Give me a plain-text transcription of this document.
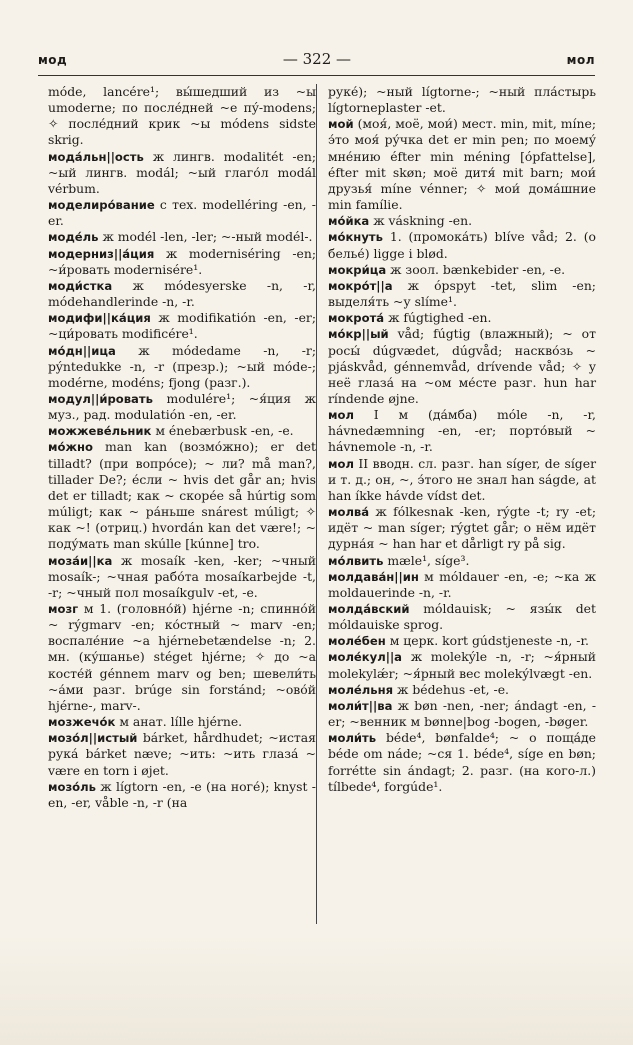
мод	— 322 —	мол

móde, lancére¹; вы́шедший из ~ы umoderne; по после́дней ~е пý-modens; ✧ после́дний крик ~ы módens sidste skrig.

мода́льн||ость ж лингв. modalitét -en; ~ый лингв. modál; ~ый глаго́л modál vérbum.

моделиро́вание с тех. modelléring -en, -er.

моде́ль ж modél -len, -ler; ~-ный modél-.

модерниз||а́ция ж moderniséring -en; ~и́ровать modernisére¹.

моди́стка ж módesyerske -n, -r, módehandlerinde -n, -r.

модифи||ка́ция ж modifikatión -en, -er; ~ци́ровать modificére¹.

мо́дн||ица ж módedame -n, -r; pýntedukke -n, -r (презр.); ~ый móde-; modérne, modéns; fjong (разг.).

модул||и́ровать modulére¹; ~я́ция ж муз., рад. modulatión -en, -er.

можжеве́льник м énebærbusk -en, -e.

мо́жно man kan (возмо́жно); er det tilladt? (при вопро́се); ~ ли? må man?, tillader De?; е́сли ~ hvis det går an; hvis det er tilladt; как ~ скоре́е så húrtig som múligt; как ~ ра́ньше snárest múligt; ✧ как ~! (отриц.) hvordán kan det være!; ~ поду́мать man skúlle [kúnne] tro.

моза́и||ка ж mosaík -ken, -ker; ~чный mosaík-; ~чная рабо́та mosaíkarbejde -t, -r; ~чный пол mosaíkgulv -et, -e.

мозг м 1. (головно́й) hjérne -n; спинно́й ~ rýgmarv -en; ко́стный ~ marv -en; воспале́ние ~а hjérnebetændelse -n; 2. мн. (ку́шанье) stéget hjérne; ✧ до ~а косте́й génnem marv og ben; шевели́ть ~а́ми разг. brúge sin forstánd; ~ово́й hjérne-, marv-.

мозжечо́к м анат. lílle hjérne.

мозо́л||истый bárket, hårdhudet; ~истая рука́ bárket næve; ~ить: ~ить глаза́ ~ være en torn i øjet.

мозо́ль ж lígtorn -en, -e (на ноге́); knyst -en, -er, våble -n, -r (на

руке́); ~ный lígtorne-; ~ный пла́стырь lígtorneplaster -et.

мой (моя́, моё, мои́) мест. min, mit, míne; э́то моя́ ру́чка det er min pen; по моему́ мне́нию éfter min méning [ópfattelse], éfter mit skøn; моё дитя́ mit barn; мои́ друзья́ míne vénner; ✧ мои́ дома́шние min famílie.

мо́йка ж váskning -en.

мо́кнуть 1. (промока́ть) blíve våd; 2. (о белье́) ligge i blød.

мокри́ца ж зоол. bænkebider -en, -e.

мокро́т||а ж ópspyt -tet, slim -en; выделя́ть ~у slíme¹.

мокрота́ ж fúgtighed -en.

мо́кр||ый våd; fúgtig (влажный); ~ от росы́ dúgvædet, dúgvåd; наскво́зь ~ pjáskvåd, génnemvåd, drívende våd; ✧ у неё глаза́ на ~ом ме́сте разг. hun har ríndende øjne.

мол I м (да́мба) móle -n, -r, hávnedæmning -en, -er; порто́вый ~ hávnemole -n, -r.

мол II вводн. сл. разг. han síger, de síger и т. д.; он, ~, э́того не знал han ságde, at han íkke hávde vídst det.

молва́ ж fólkesnak -ken, rýgte -t; ry -et; идёт ~ man síger; rýgtet går; о нём идёт дурна́я ~ han har et dårligt ry på sig.

мо́лвить mæle¹, síge³.

молдава́н||ин м móldauer -en, -e; ~ка ж moldauerinde -n, -r.

молда́вский móldauisk; ~ язы́к det móldauiske sprog.

моле́бен м церк. kort gúdstjeneste -n, -r.

моле́кул||а ж molekýle -n, -r; ~я́рный molekylǽr; ~я́рный вес molekýlvægt -en.

моле́льня ж bédehus -et, -e.

моли́т||ва ж bøn -nen, -ner; ándagt -en, -er; ~венник м bønne|bog -bogen, -bøger.

моли́ть béde⁴, bønfalde⁴; ~ о поща́де béde om náde; ~ся 1. béde⁴, síge en bøn; forrétte sin ándagt; 2. разг. (на кого-л.) tílbede⁴, forgúde¹.
